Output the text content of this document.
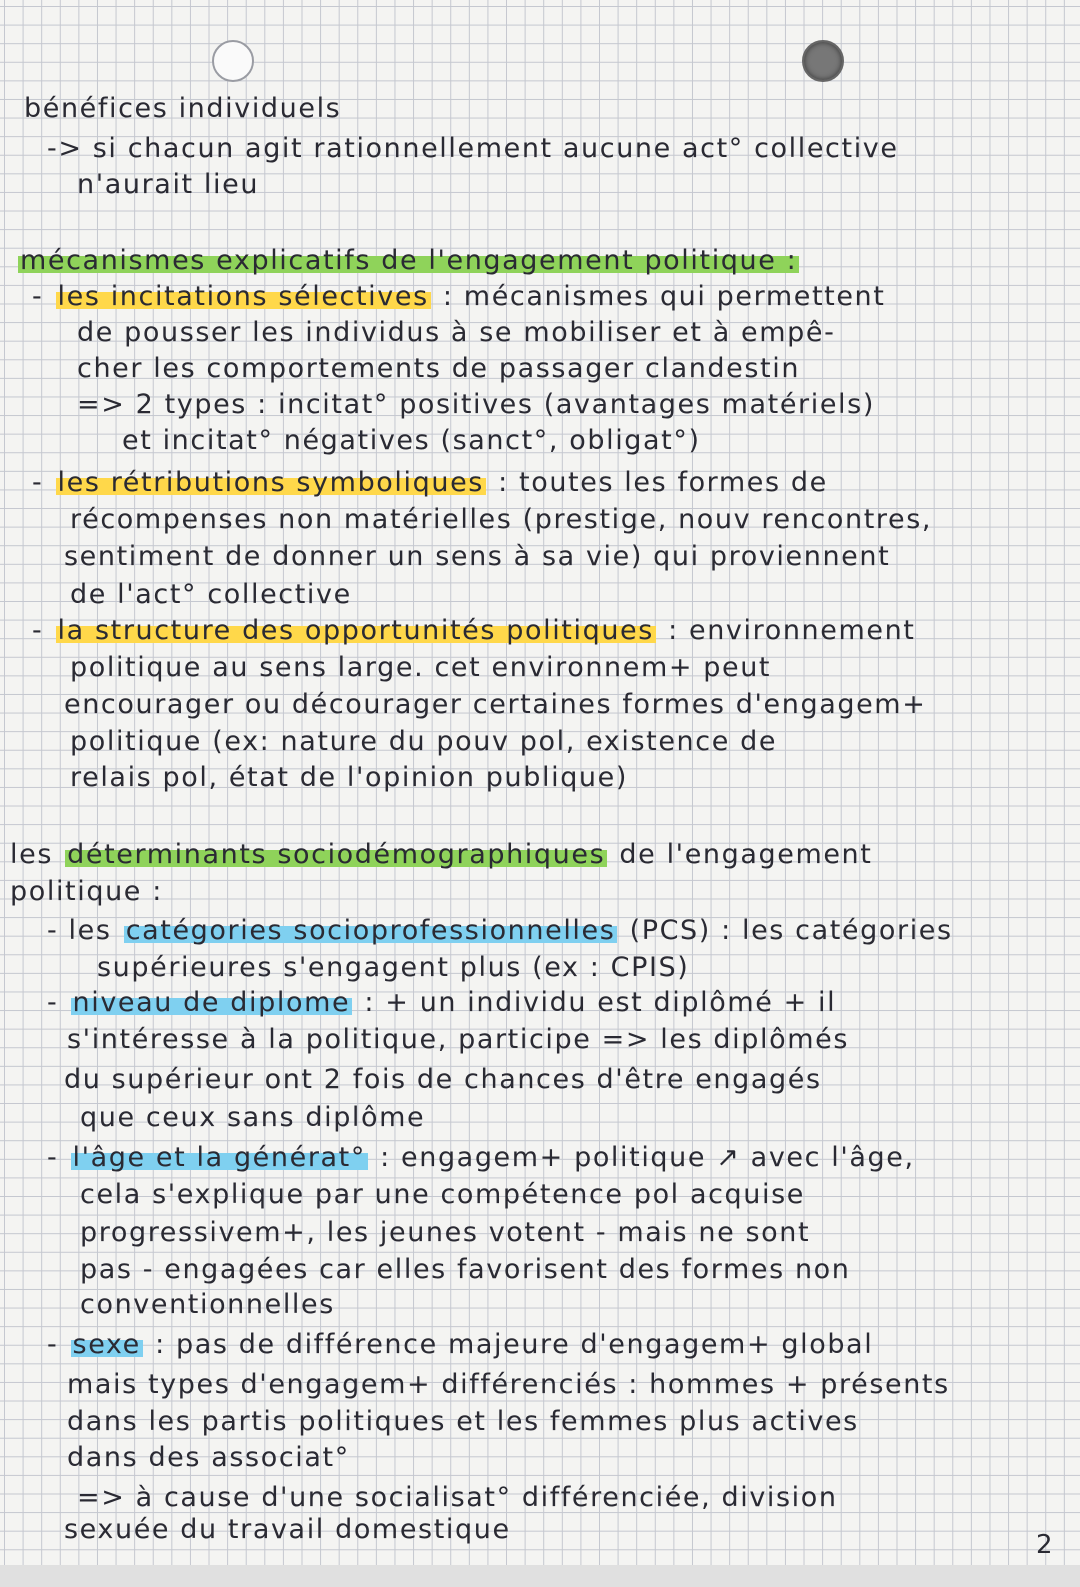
bénéfices individuels
-> si chacun agit rationnellement aucune act° collective
n'aurait lieu
mécanismes explicatifs de l'engagement politique :
- les incitations sélectives : mécanismes qui permettent
de pousser les individus à se mobiliser et à empê-
cher les comportements de passager clandestin
=> 2 types : incitat° positives (avantages matériels)
et incitat° négatives (sanct°, obligat°)
- les rétributions symboliques : toutes les formes de
récompenses non matérielles (prestige, nouv rencontres,
sentiment de donner un sens à sa vie) qui proviennent
de l'act° collective
- la structure des opportunités politiques : environnement
politique au sens large. cet environnem+ peut
encourager ou décourager certaines formes d'engagem+
politique (ex: nature du pouv pol, existence de
relais pol, état de l'opinion publique)
les déterminants sociodémographiques de l'engagement
politique :
- les catégories socioprofessionnelles (PCS) : les catégories
supérieures s'engagent plus (ex : CPIS)
- niveau de diplome : + un individu est diplômé + il
s'intéresse à la politique, participe => les diplômés
du supérieur ont 2 fois de chances d'être engagés
que ceux sans diplôme
- l'âge et la générat° : engagem+ politique ↗ avec l'âge,
cela s'explique par une compétence pol acquise
progressivem+, les jeunes votent - mais ne sont
pas - engagées car elles favorisent des formes non
conventionnelles
- sexe : pas de différence majeure d'engagem+ global
mais types d'engagem+ différenciés : hommes + présents
dans les partis politiques et les femmes plus actives
dans des associat°
=> à cause d'une socialisat° différenciée, division
sexuée du travail domestique	2
